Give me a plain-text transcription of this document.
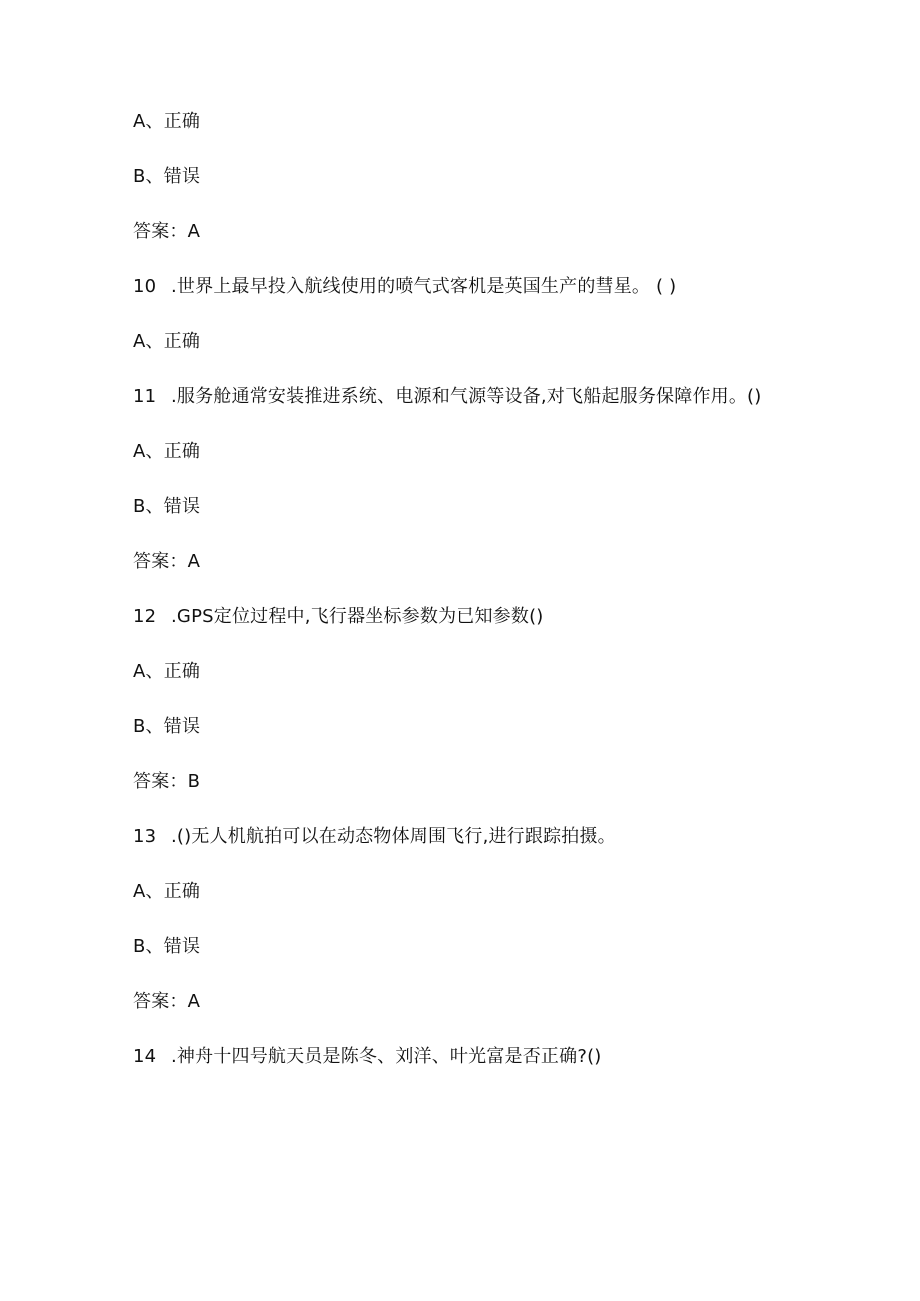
A、正确
B、错误
答案：A
10 .世界上最早投入航线使用的喷气式客机是英国生产的彗星。 ( )
A、正确
11 .服务舱通常安装推进系统、电源和气源等设备,对飞船起服务保障作用。()
A、正确
B、错误
答案：A
12 .GPS定位过程中,飞行器坐标参数为已知参数()
A、正确
B、错误
答案：B
13 .()无人机航拍可以在动态物体周围飞行,进行跟踪拍摄。
A、正确
B、错误
答案：A
14 .神舟十四号航天员是陈冬、刘洋、叶光富是否正确?()
